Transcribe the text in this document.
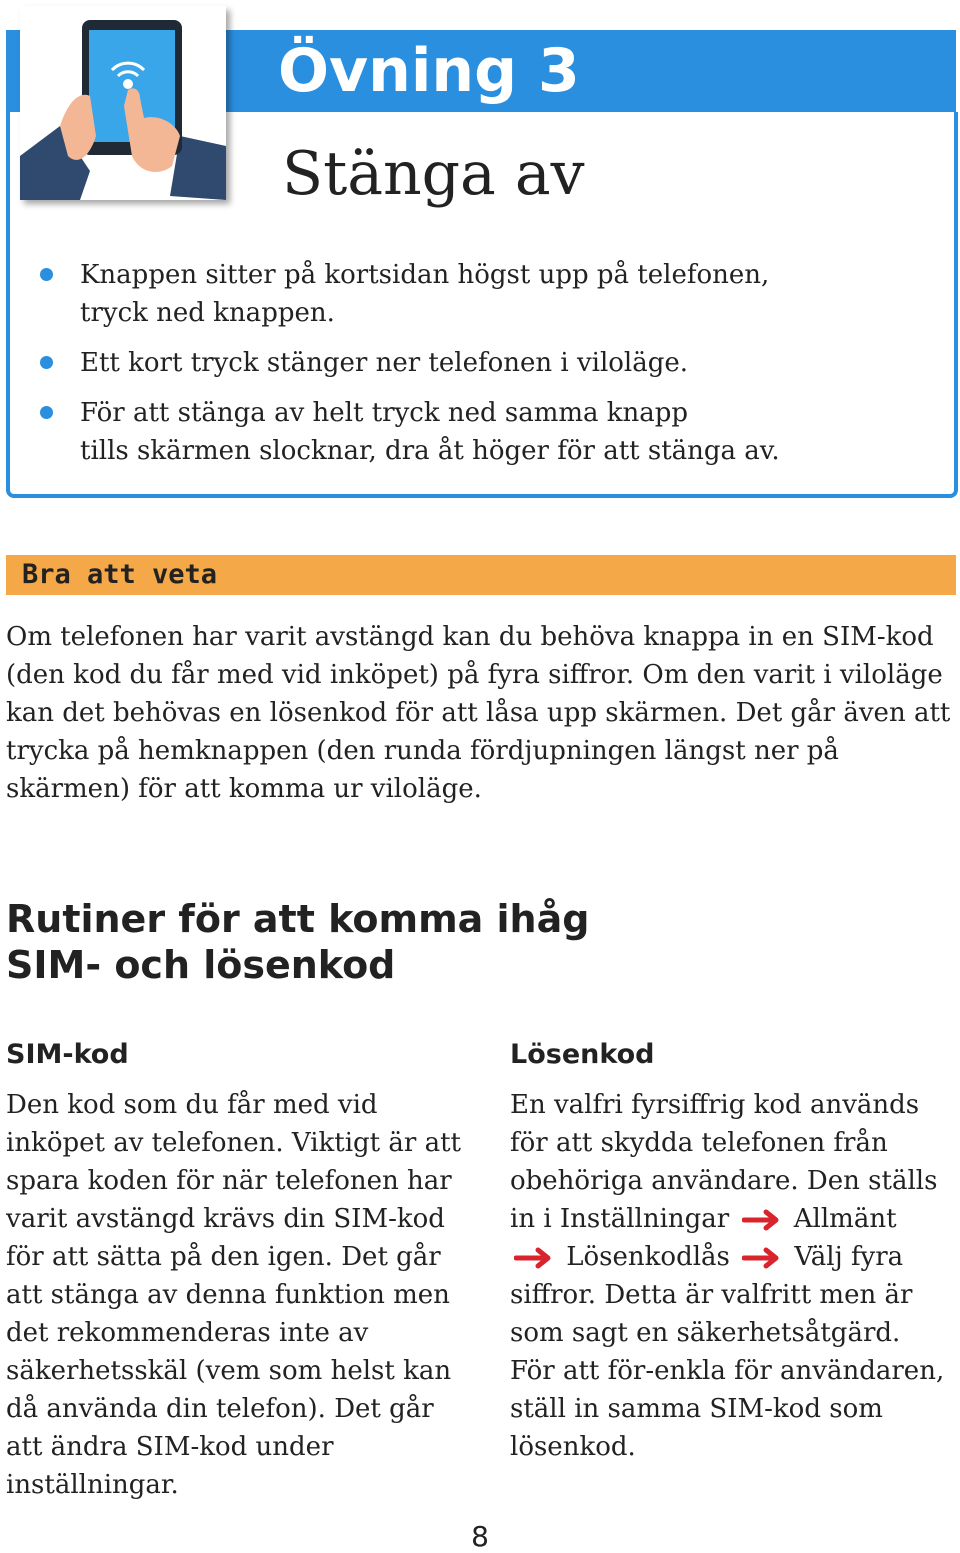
Övning 3
Stänga av
Knappen sitter på kortsidan högst upp på telefonen,
tryck ned knappen.
Ett kort tryck stänger ner telefonen i viloläge.
För att stänga av helt tryck ned samma knapp
tills skärmen slocknar, dra åt höger för att stänga av.
Bra att veta

Om telefonen har varit avstängd kan du behöva knappa in en SIM-kod (den kod du får med vid inköpet) på fyra siffror. Om den varit i viloläge kan det behövas en lösenkod för att låsa upp skärmen. Det går även att trycka på hemknappen (den runda fördjupningen längst ner på skärmen) för att komma ur viloläge.

Rutiner för att komma ihåg
SIM- och lösenkod
SIM-kod

Den kod som du får med vid inköpet av telefonen. Viktigt är att spara koden för när telefonen har varit avstängd krävs din SIM-kod för att sätta på den igen. Det går att stänga av denna funktion men det rekommenderas inte av säkerhetsskäl (vem som helst kan då använda din telefon). Det går att ändra SIM-kod under inställningar.

Lösenkod

En valfri fyrsiffrig kod används för att skydda telefonen från obehöriga användare. Den ställs in i Inställningar Allmänt  Lösenkodlås Välj fyra siffror. Detta är valfritt men är som sagt en säkerhetsåtgärd. För att för-enkla för användaren, ställ in samma SIM-kod som lösenkod.

8
